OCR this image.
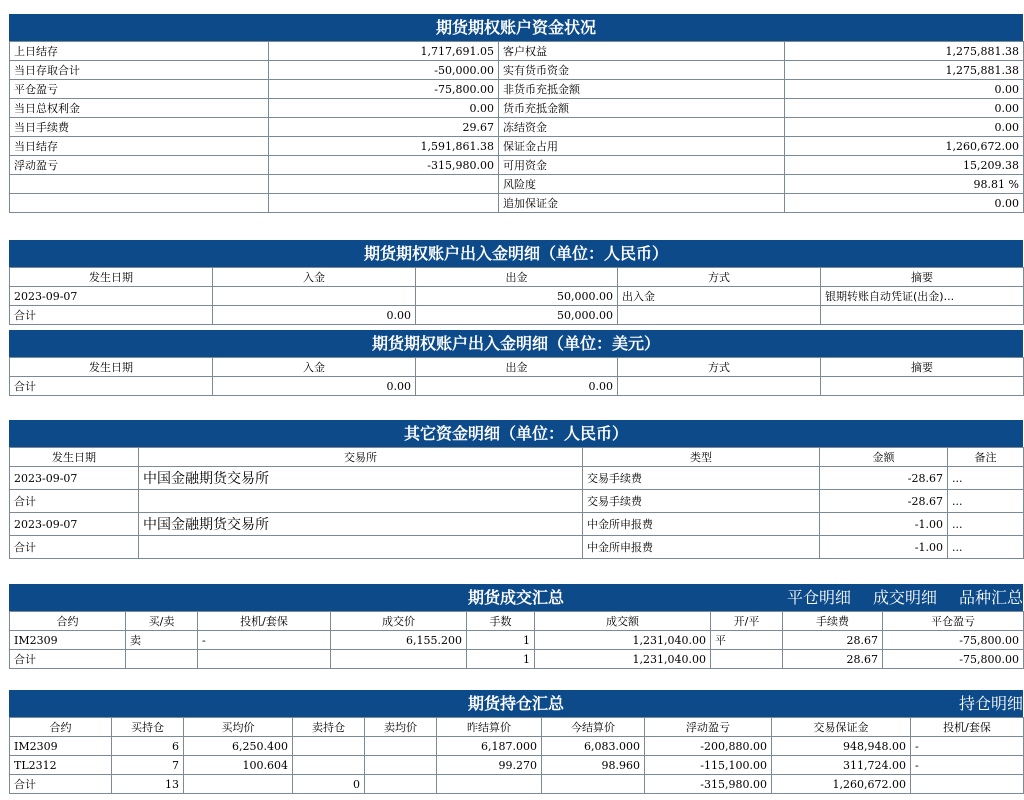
期货期权账户资金状况
上日结存	1,717,691.05	客户权益	1,275,881.38
当日存取合计	-50,000.00	实有货币资金	1,275,881.38
平仓盈亏	-75,800.00	非货币充抵金额	0.00
当日总权利金	0.00	货币充抵金额	0.00
当日手续费	29.67	冻结资金	0.00
当日结存	1,591,861.38	保证金占用	1,260,672.00
浮动盈亏	-315,980.00	可用资金	15,209.38
		风险度	98.81 %
		追加保证金	0.00
期货期权账户出入金明细（单位：人民币）
发生日期	入金	出金	方式	摘要
2023-09-07		50,000.00	出入金	银期转账自动凭证(出金)...
合计	0.00	50,000.00		
期货期权账户出入金明细（单位：美元）
发生日期	入金	出金	方式	摘要
合计	0.00	0.00		
其它资金明细（单位：人民币）
发生日期	交易所	类型	金额	备注
2023-09-07	中国金融期货交易所	交易手续费	-28.67	...
合计		交易手续费	-28.67	...
2023-09-07	中国金融期货交易所	中金所申报费	-1.00	...
合计		中金所申报费	-1.00	...
期货成交汇总	平仓明细 成交明细 品种汇总
合约	买/卖	投机/套保	成交价	手数	成交额	开/平	手续费	平仓盈亏
IM2309	卖	-	6,155.200	1	1,231,040.00	平	28.67	-75,800.00
合计				1	1,231,040.00		28.67	-75,800.00
期货持仓汇总	持仓明细
合约	买持仓	买均价	卖持仓	卖均价	昨结算价	今结算价	浮动盈亏	交易保证金	投机/套保
IM2309	6	6,250.400			6,187.000	6,083.000	-200,880.00	948,948.00	-
TL2312	7	100.604			99.270	98.960	-115,100.00	311,724.00	-
合计	13		0				-315,980.00	1,260,672.00	
